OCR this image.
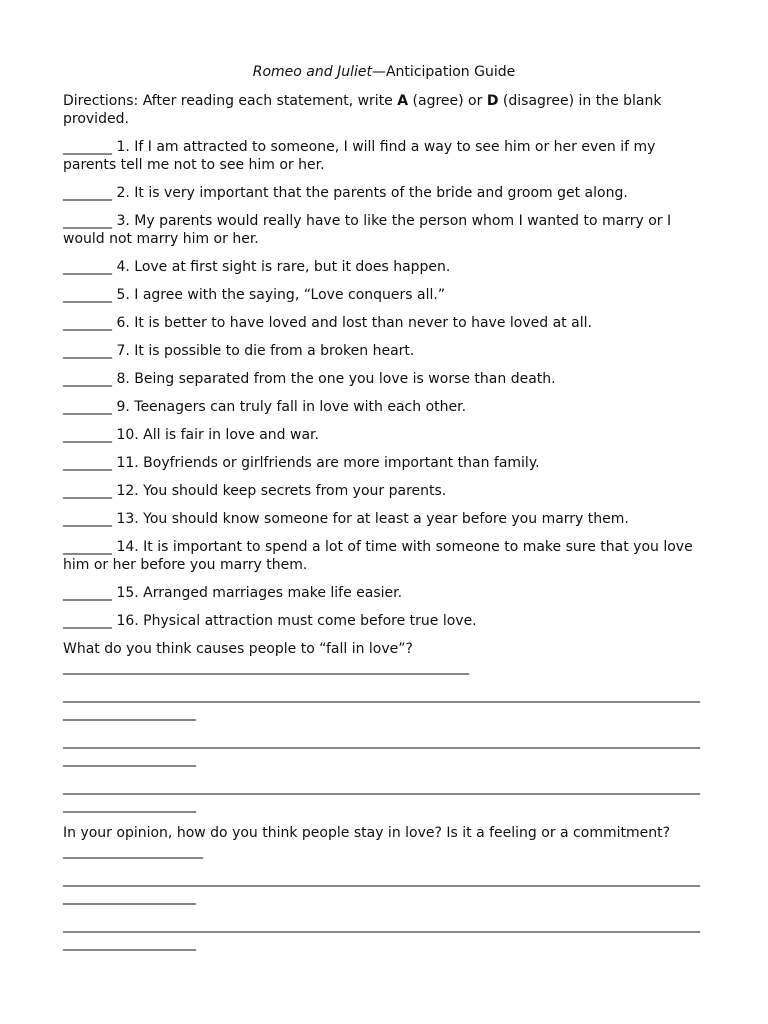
Romeo and Juliet—Anticipation Guide

Directions: After reading each statement, write A (agree) or D (disagree) in the blank provided.

_______ 1. If I am attracted to someone, I will find a way to see him or her even if my parents tell me not to see him or her.

_______ 2. It is very important that the parents of the bride and groom get along.

_______ 3. My parents would really have to like the person whom I wanted to marry or I would not marry him or her.

_______ 4. Love at first sight is rare, but it does happen.

_______ 5. I agree with the saying, “Love conquers all.”

_______ 6. It is better to have loved and lost than never to have loved at all.

_______ 7. It is possible to die from a broken heart.

_______ 8. Being separated from the one you love is worse than death.

_______ 9. Teenagers can truly fall in love with each other.

_______ 10. All is fair in love and war.

_______ 11. Boyfriends or girlfriends are more important than family.

_______ 12. You should keep secrets from your parents.

_______ 13. You should know someone for at least a year before you marry them.

_______ 14. It is important to spend a lot of time with someone to make sure that you love him or her before you marry them.

_______ 15. Arranged marriages make life easier.

_______ 16. Physical attraction must come before true love.

What do you think causes people to “fall in love”?

__________________________________________________________
___________________________________________________________________________________________
___________________
___________________________________________________________________________________________
___________________
___________________________________________________________________________________________
___________________

In your opinion, how do you think people stay in love? Is it a feeling or a commitment?

____________________
___________________________________________________________________________________________
___________________
___________________________________________________________________________________________
___________________
